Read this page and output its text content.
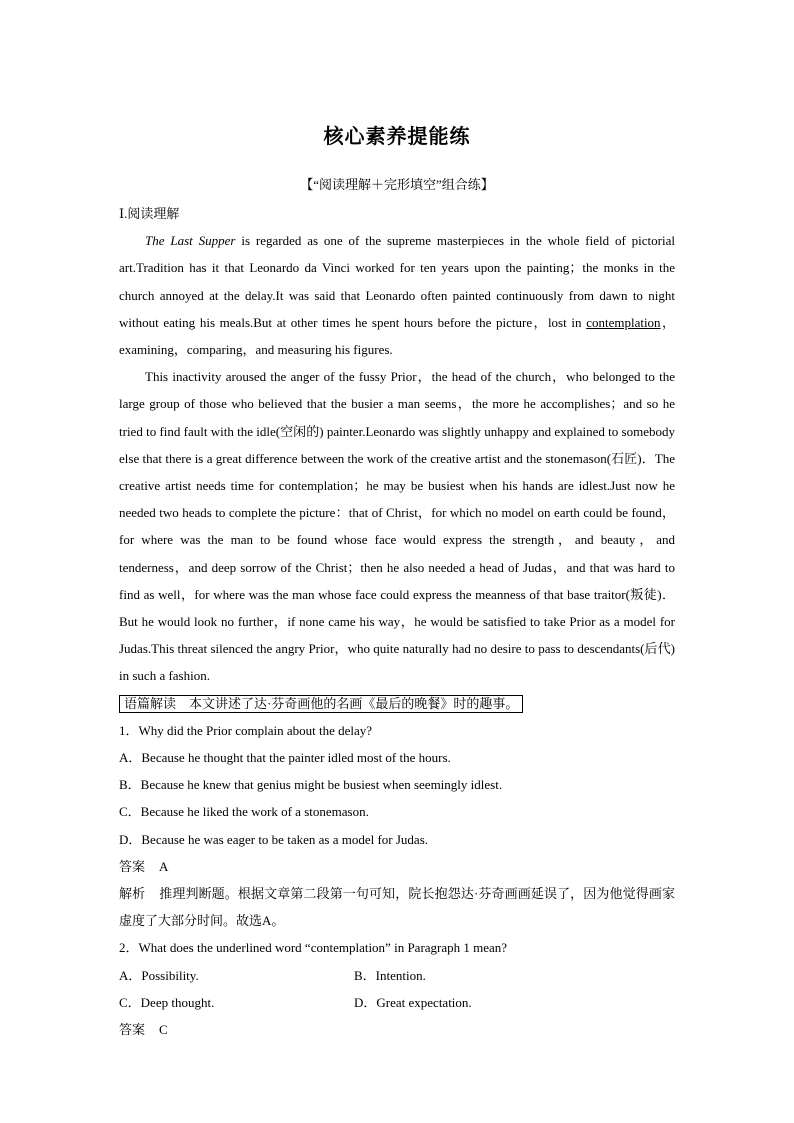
核心素养提能练
【“阅读理解＋完形填空”组合练】

Ⅰ.阅读理解

The Last Supper is regarded as one of the supreme masterpieces in the whole field of pictorial art.Tradition has it that Leonardo da Vinci worked for ten years upon the painting；the monks in the church annoyed at the delay.It was said that Leonardo often painted continuously from dawn to night without eating his meals.But at other times he spent hours before the picture，lost in contemplation，examining，comparing，and measuring his figures.

This inactivity aroused the anger of the fussy Prior，the head of the church，who belonged to the large group of those who believed that the busier a man seems，the more he accomplishes；and so he tried to find fault with the idle(空闲的) painter.Leonardo was slightly unhappy and explained to somebody else that there is a great difference between the work of the creative artist and the stonemason(石匠)．The creative artist needs time for contemplation；he may be busiest when his hands are idlest.Just now he needed two heads to complete the picture：that of Christ，for which no model on earth could be found，for where was the man to be found whose face would express the strength，and beauty，and tenderness，and deep sorrow of the Christ；then he also needed a head of Judas，and that was hard to find as well，for where was the man whose face could express the meanness of that base traitor(叛徒)．But he would look no further，if none came his way，he would be satisfied to take Prior as a model for Judas.This threat silenced the angry Prior，who quite naturally had no desire to pass to descendants(后代) in such a fashion.

语篇解读　本文讲述了达·芬奇画他的名画《最后的晚餐》时的趣事。

1．Why did the Prior complain about the delay?

A．Because he thought that the painter idled most of the hours.

B．Because he knew that genius might be busiest when seemingly idlest.

C．Because he liked the work of a stonemason.

D．Because he was eager to be taken as a model for Judas.

答案 A

解析 推理判断题。根据文章第二段第一句可知，院长抱怨达·芬奇画画延误了，因为他觉得画家虚度了大部分时间。故选A。

2．What does the underlined word “contemplation” in Paragraph 1 mean?

A．Possibility.	B．Intention.

C．Deep thought.	D．Great expectation.

答案 C
